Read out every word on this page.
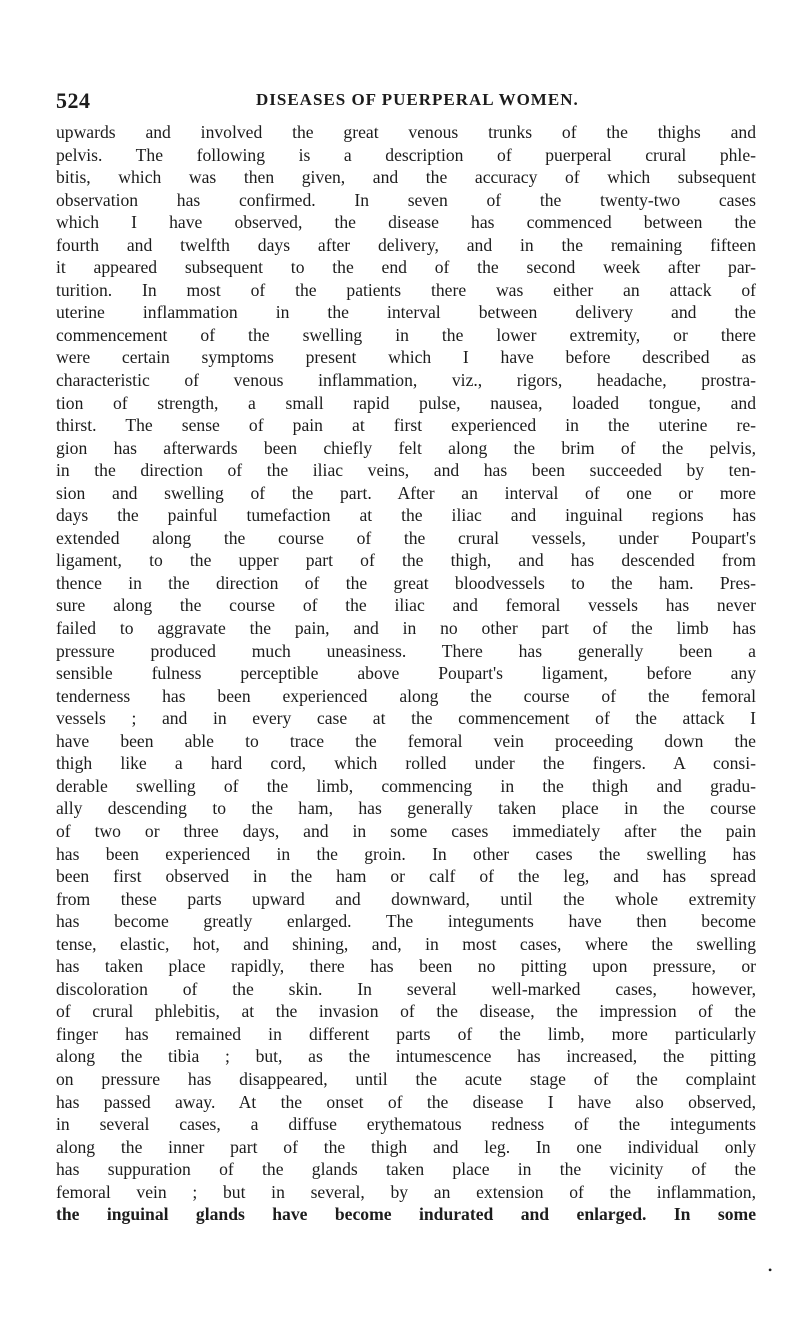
524	DISEASES OF PUERPERAL WOMEN.
upwards and involved the great venous trunks of the thighs and
pelvis. The following is a description of puerperal crural phle-
bitis, which was then given, and the accuracy of which subsequent
observation has confirmed. In seven of the twenty-two cases
which I have observed, the disease has commenced between the
fourth and twelfth days after delivery, and in the remaining fifteen
it appeared subsequent to the end of the second week after par-
turition. In most of the patients there was either an attack of
uterine inflammation in the interval between delivery and the
commencement of the swelling in the lower extremity, or there
were certain symptoms present which I have before described as
characteristic of venous inflammation, viz., rigors, headache, prostra-
tion of strength, a small rapid pulse, nausea, loaded tongue, and
thirst. The sense of pain at first experienced in the uterine re-
gion has afterwards been chiefly felt along the brim of the pelvis,
in the direction of the iliac veins, and has been succeeded by ten-
sion and swelling of the part. After an interval of one or more
days the painful tumefaction at the iliac and inguinal regions has
extended along the course of the crural vessels, under Poupart's
ligament, to the upper part of the thigh, and has descended from
thence in the direction of the great bloodvessels to the ham. Pres-
sure along the course of the iliac and femoral vessels has never
failed to aggravate the pain, and in no other part of the limb has
pressure produced much uneasiness. There has generally been a
sensible fulness perceptible above Poupart's ligament, before any
tenderness has been experienced along the course of the femoral
vessels ; and in every case at the commencement of the attack I
have been able to trace the femoral vein proceeding down the
thigh like a hard cord, which rolled under the fingers. A consi-
derable swelling of the limb, commencing in the thigh and gradu-
ally descending to the ham, has generally taken place in the course
of two or three days, and in some cases immediately after the pain
has been experienced in the groin. In other cases the swelling has
been first observed in the ham or calf of the leg, and has spread
from these parts upward and downward, until the whole extremity
has become greatly enlarged. The integuments have then become
tense, elastic, hot, and shining, and, in most cases, where the swelling
has taken place rapidly, there has been no pitting upon pressure, or
discoloration of the skin. In several well-marked cases, however,
of crural phlebitis, at the invasion of the disease, the impression of the
finger has remained in different parts of the limb, more particularly
along the tibia ; but, as the intumescence has increased, the pitting
on pressure has disappeared, until the acute stage of the complaint
has passed away. At the onset of the disease I have also observed,
in several cases, a diffuse erythematous redness of the integuments
along the inner part of the thigh and leg. In one individual only
has suppuration of the glands taken place in the vicinity of the
femoral vein ; but in several, by an extension of the inflammation,
the inguinal glands have become indurated and enlarged. In some
•
